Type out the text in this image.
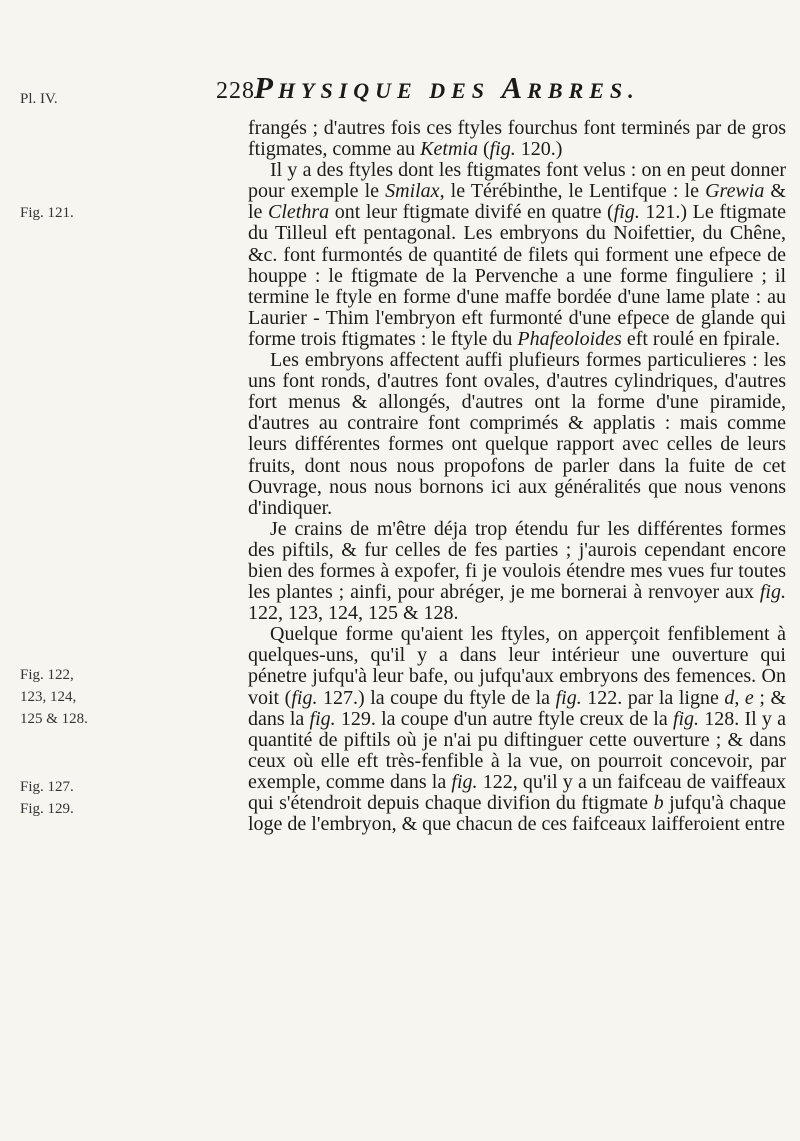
228 PHYSIQUE DES ARBRES.
Pl. IV.
Fig. 121.
Fig. 122,
123, 124,
125 & 128.
Fig. 127.
Fig. 129.

frangés ; d'autres fois ces ftyles fourchus font terminés par de gros ftigmates, comme au Ketmia (fig. 120.)

Il y a des ftyles dont les ftigmates font velus : on en peut donner pour exemple le Smilax, le Térébinthe, le Lentifque : le Grewia & le Clethra ont leur ftigmate divifé en quatre (fig. 121.) Le ftigmate du Tilleul eft pentagonal. Les embryons du Noifettier, du Chêne, &c. font furmontés de quantité de filets qui forment une efpece de houppe : le ftigmate de la Pervenche a une forme finguliere ; il termine le ftyle en forme d'une maffe bordée d'une lame plate : au Laurier - Thim l'embryon eft furmonté d'une efpece de glande qui forme trois ftigmates : le ftyle du Phafeoloides eft roulé en fpirale.

Les embryons affectent auffi plufieurs formes particulieres : les uns font ronds, d'autres font ovales, d'autres cylindriques, d'autres fort menus & allongés, d'autres ont la forme d'une piramide, d'autres au contraire font comprimés & applatis : mais comme leurs différentes formes ont quelque rapport avec celles de leurs fruits, dont nous nous propofons de parler dans la fuite de cet Ouvrage, nous nous bornons ici aux généralités que nous venons d'indiquer.

Je crains de m'être déja trop étendu fur les différentes formes des piftils, & fur celles de fes parties ; j'aurois cependant encore bien des formes à expofer, fi je voulois étendre mes vues fur toutes les plantes ; ainfi, pour abréger, je me bornerai à renvoyer aux fig. 122, 123, 124, 125 & 128.

Quelque forme qu'aient les ftyles, on apperçoit fenfiblement à quelques-uns, qu'il y a dans leur intérieur une ouverture qui pénetre jufqu'à leur bafe, ou jufqu'aux embryons des femences. On voit (fig. 127.) la coupe du ftyle de la fig. 122. par la ligne d, e ; & dans la fig. 129. la coupe d'un autre ftyle creux de la fig. 128. Il y a quantité de piftils où je n'ai pu diftinguer cette ouverture ; & dans ceux où elle eft très-fenfible à la vue, on pourroit concevoir, par exemple, comme dans la fig. 122, qu'il y a un faifceau de vaiffeaux qui s'étendroit depuis chaque divifion du ftigmate b jufqu'à chaque loge de l'embryon, & que chacun de ces faifceaux laifferoient entre
